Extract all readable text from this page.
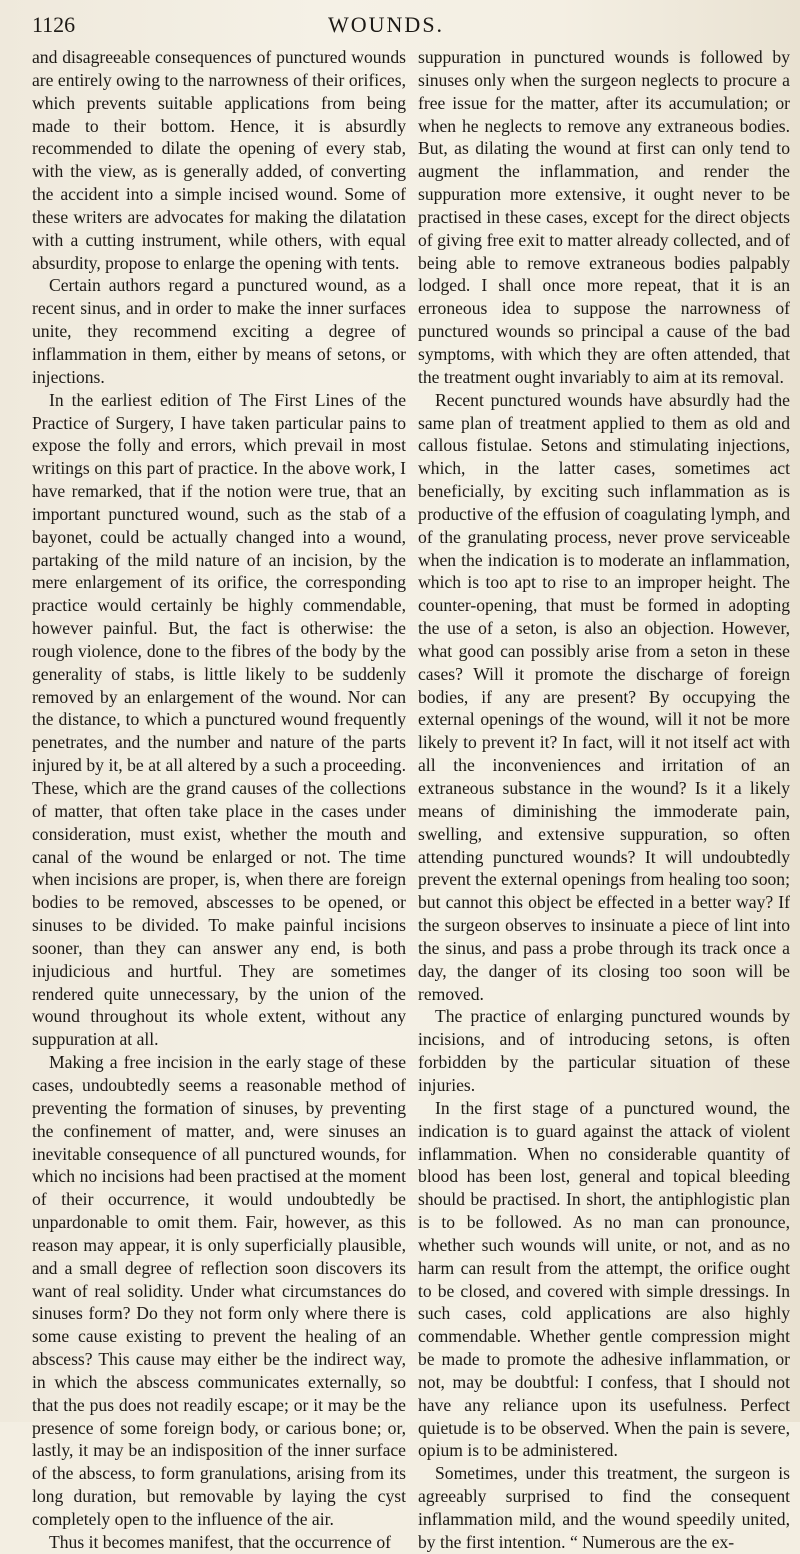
1126	WOUNDS.

and disagreeable consequences of punctured wounds are entirely owing to the narrowness of their orifices, which prevents suitable applications from being made to their bottom. Hence, it is absurdly recommended to dilate the opening of every stab, with the view, as is generally added, of converting the accident into a simple incised wound. Some of these writers are advocates for making the dilatation with a cutting instrument, while others, with equal absurdity, propose to enlarge the opening with tents.

Certain authors regard a punctured wound, as a recent sinus, and in order to make the inner surfaces unite, they recommend exciting a degree of inflammation in them, either by means of setons, or injections.

In the earliest edition of The First Lines of the Practice of Surgery, I have taken particular pains to expose the folly and errors, which prevail in most writings on this part of practice. In the above work, I have remarked, that if the notion were true, that an important punctured wound, such as the stab of a bayonet, could be actually changed into a wound, partaking of the mild nature of an incision, by the mere enlargement of its orifice, the corresponding practice would certainly be highly commendable, however painful. But, the fact is otherwise: the rough violence, done to the fibres of the body by the generality of stabs, is little likely to be suddenly removed by an enlargement of the wound. Nor can the distance, to which a punctured wound frequently penetrates, and the number and nature of the parts injured by it, be at all altered by a such a proceeding. These, which are the grand causes of the collections of matter, that often take place in the cases under consideration, must exist, whether the mouth and canal of the wound be enlarged or not. The time when incisions are proper, is, when there are foreign bodies to be removed, abscesses to be opened, or sinuses to be divided. To make painful incisions sooner, than they can answer any end, is both injudicious and hurtful. They are sometimes rendered quite unnecessary, by the union of the wound throughout its whole extent, without any suppuration at all.

Making a free incision in the early stage of these cases, undoubtedly seems a reasonable method of preventing the formation of sinuses, by preventing the confinement of matter, and, were sinuses an inevitable consequence of all punctured wounds, for which no incisions had been practised at the moment of their occurrence, it would undoubtedly be unpardonable to omit them. Fair, however, as this reason may appear, it is only superficially plausible, and a small degree of reflection soon discovers its want of real solidity. Under what circumstances do sinuses form? Do they not form only where there is some cause existing to prevent the healing of an abscess? This cause may either be the indirect way, in which the abscess communicates externally, so that the pus does not readily escape; or it may be the presence of some foreign body, or carious bone; or, lastly, it may be an indisposition of the inner surface of the abscess, to form granulations, arising from its long duration, but removable by laying the cyst completely open to the influence of the air.

Thus it becomes manifest, that the occurrence of

suppuration in punctured wounds is followed by sinuses only when the surgeon neglects to procure a free issue for the matter, after its accumulation; or when he neglects to remove any extraneous bodies. But, as dilating the wound at first can only tend to augment the inflammation, and render the suppuration more extensive, it ought never to be practised in these cases, except for the direct objects of giving free exit to matter already collected, and of being able to remove extraneous bodies palpably lodged. I shall once more repeat, that it is an erroneous idea to suppose the narrowness of punctured wounds so principal a cause of the bad symptoms, with which they are often attended, that the treatment ought invariably to aim at its removal.

Recent punctured wounds have absurdly had the same plan of treatment applied to them as old and callous fistulae. Setons and stimulating injections, which, in the latter cases, sometimes act beneficially, by exciting such inflammation as is productive of the effusion of coagulating lymph, and of the granulating process, never prove serviceable when the indication is to moderate an inflammation, which is too apt to rise to an improper height. The counter-opening, that must be formed in adopting the use of a seton, is also an objection. However, what good can possibly arise from a seton in these cases? Will it promote the discharge of foreign bodies, if any are present? By occupying the external openings of the wound, will it not be more likely to prevent it? In fact, will it not itself act with all the inconveniences and irritation of an extraneous substance in the wound? Is it a likely means of diminishing the immoderate pain, swelling, and extensive suppuration, so often attending punctured wounds? It will undoubtedly prevent the external openings from healing too soon; but cannot this object be effected in a better way? If the surgeon observes to insinuate a piece of lint into the sinus, and pass a probe through its track once a day, the danger of its closing too soon will be removed.

The practice of enlarging punctured wounds by incisions, and of introducing setons, is often forbidden by the particular situation of these injuries.

In the first stage of a punctured wound, the indication is to guard against the attack of violent inflammation. When no considerable quantity of blood has been lost, general and topical bleeding should be practised. In short, the antiphlogistic plan is to be followed. As no man can pronounce, whether such wounds will unite, or not, and as no harm can result from the attempt, the orifice ought to be closed, and covered with simple dressings. In such cases, cold applications are also highly commendable. Whether gentle compression might be made to promote the adhesive inflammation, or not, may be doubtful: I confess, that I should not have any reliance upon its usefulness. Perfect quietude is to be observed. When the pain is severe, opium is to be administered.

Sometimes, under this treatment, the surgeon is agreeably surprised to find the consequent inflammation mild, and the wound speedily united, by the first intention. “ Numerous are the ex-
